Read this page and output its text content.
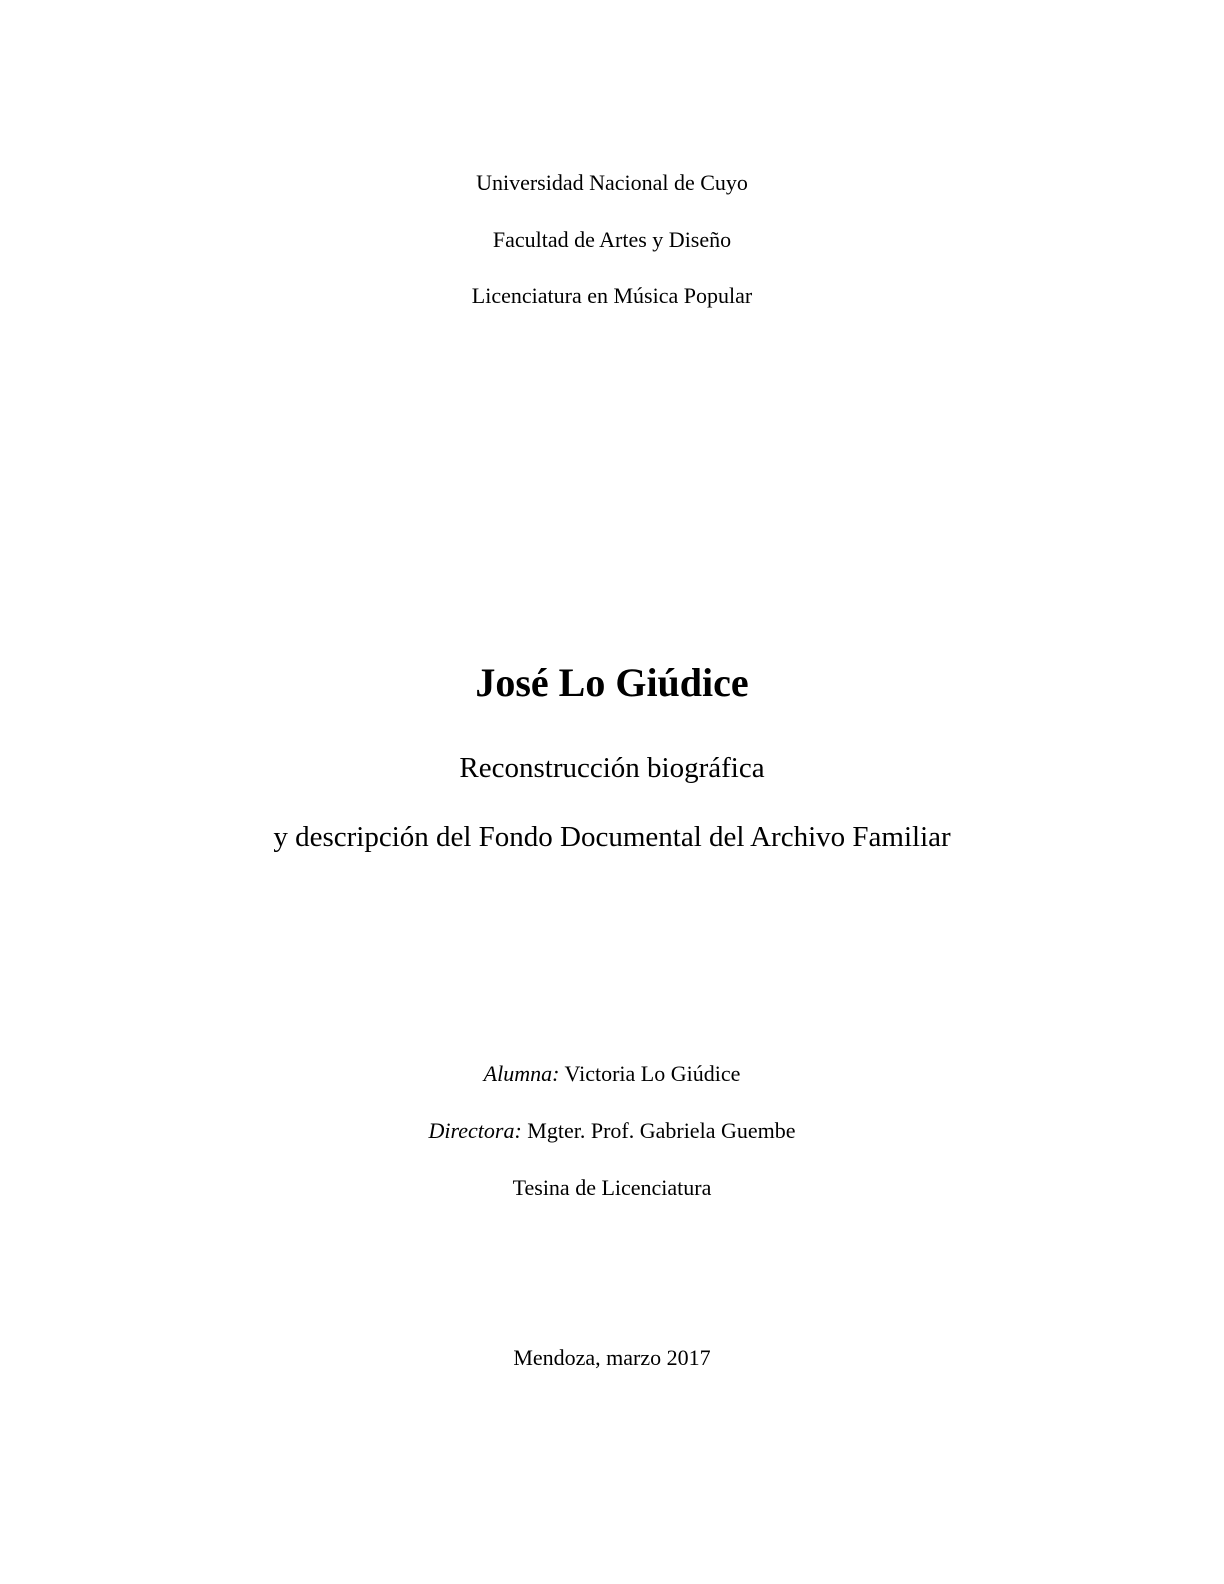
Universidad Nacional de Cuyo

Facultad de Artes y Diseño

Licenciatura en Música Popular

José Lo Giúdice

Reconstrucción biográfica

y descripción del Fondo Documental del Archivo Familiar

Alumna: Victoria Lo Giúdice

Directora: Mgter. Prof. Gabriela Guembe

Tesina de Licenciatura

Mendoza, marzo 2017
